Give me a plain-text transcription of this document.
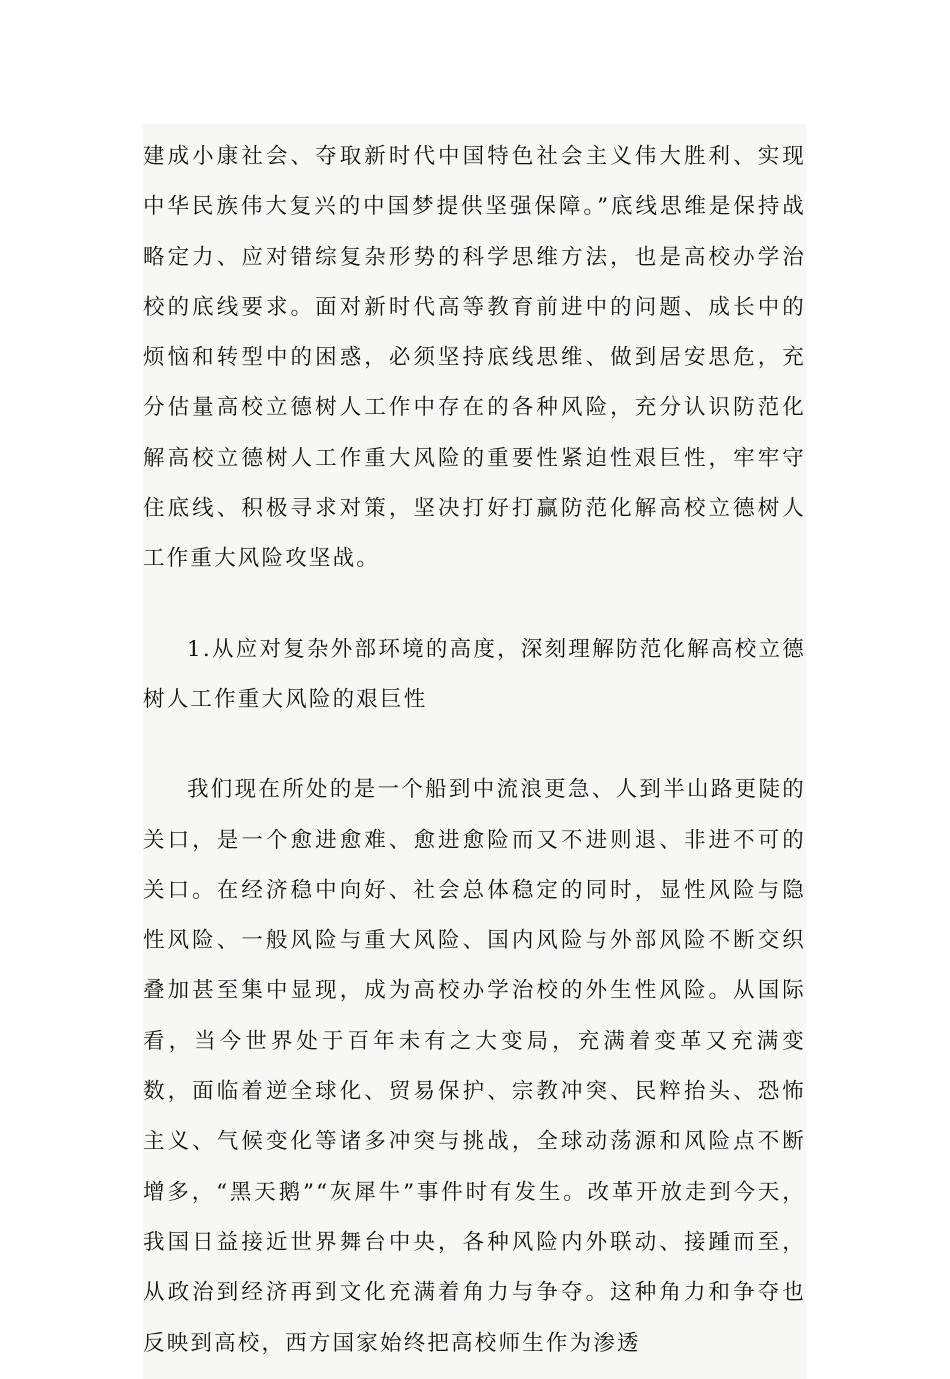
建成小康社会、夺取新时代中国特色社会主义伟大胜利、实现中华民族伟大复兴的中国梦提供坚强保障。”底线思维是保持战略定力、应对错综复杂形势的科学思维方法，也是高校办学治校的底线要求。面对新时代高等教育前进中的问题、成长中的烦恼和转型中的困惑，必须坚持底线思维、做到居安思危，充分估量高校立德树人工作中存在的各种风险，充分认识防范化解高校立德树人工作重大风险的重要性紧迫性艰巨性，牢牢守住底线、积极寻求对策，坚决打好打赢防范化解高校立德树人工作重大风险攻坚战。

1.从应对复杂外部环境的高度，深刻理解防范化解高校立德树人工作重大风险的艰巨性

我们现在所处的是一个船到中流浪更急、人到半山路更陡的关口，是一个愈进愈难、愈进愈险而又不进则退、非进不可的关口。在经济稳中向好、社会总体稳定的同时，显性风险与隐性风险、一般风险与重大风险、国内风险与外部风险不断交织叠加甚至集中显现，成为高校办学治校的外生性风险。从国际看，当今世界处于百年未有之大变局，充满着变革又充满变数，面临着逆全球化、贸易保护、宗教冲突、民粹抬头、恐怖主义、气候变化等诸多冲突与挑战，全球动荡源和风险点不断增多，“黑天鹅”“灰犀牛”事件时有发生。改革开放走到今天，我国日益接近世界舞台中央，各种风险内外联动、接踵而至，从政治到经济再到文化充满着角力与争夺。这种角力和争夺也反映到高校，西方国家始终把高校师生作为渗透
